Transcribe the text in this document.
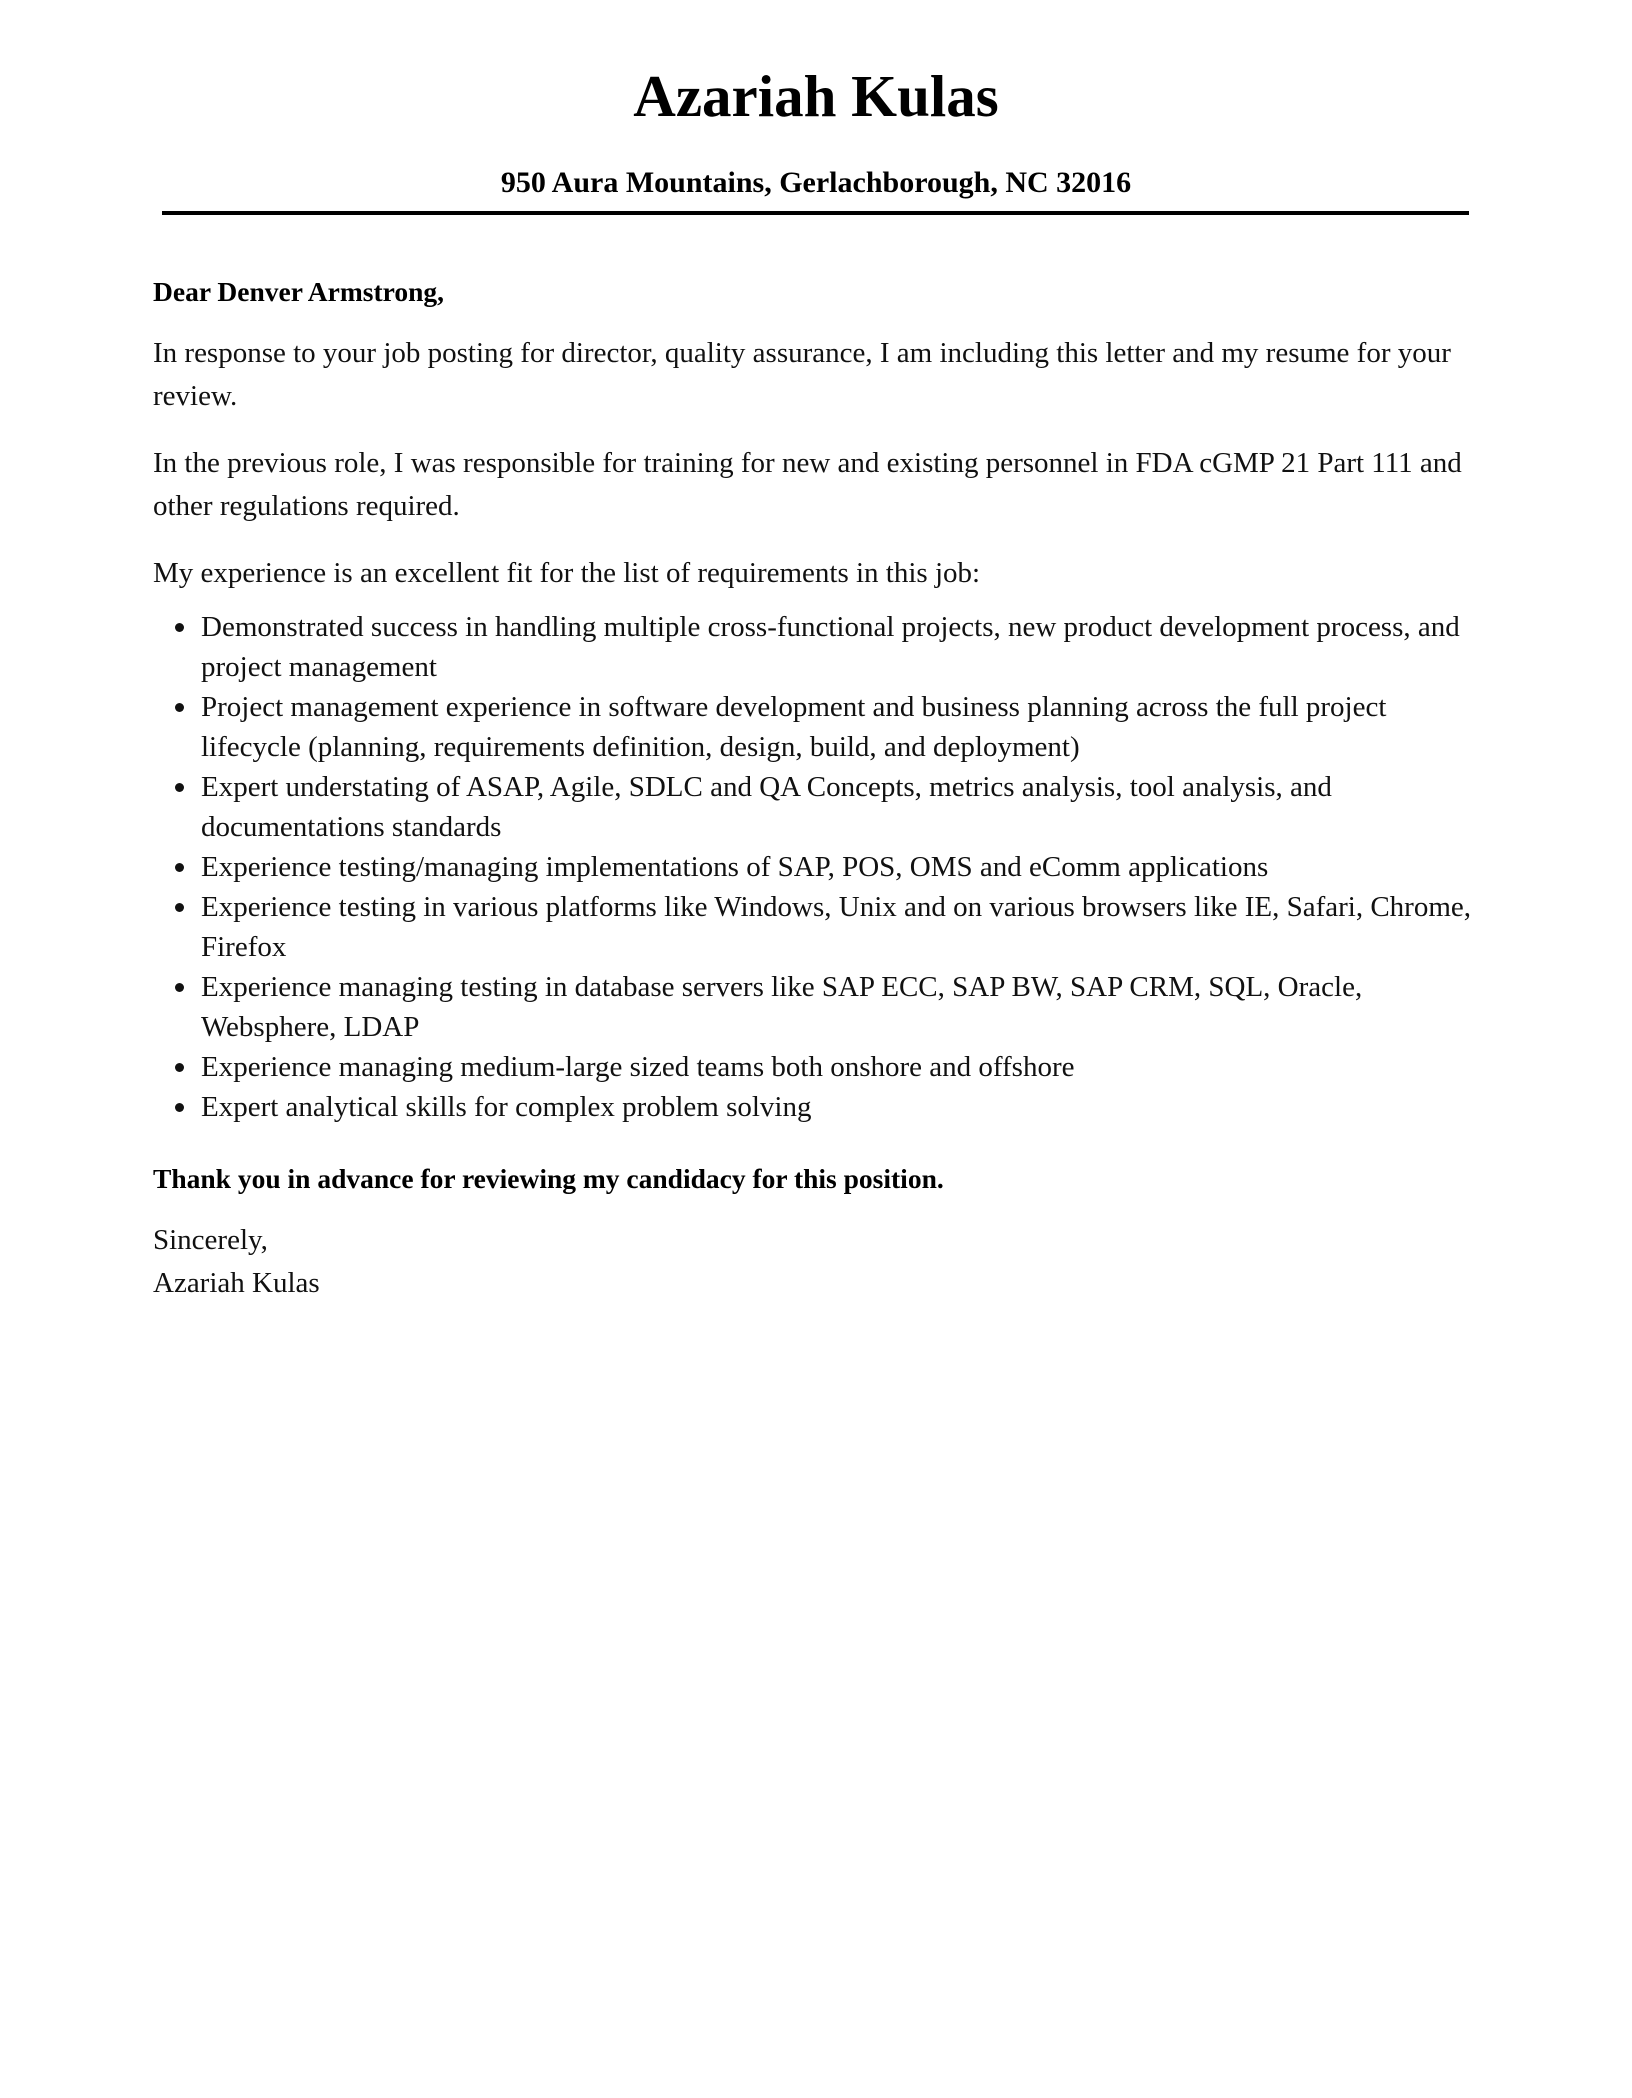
Azariah Kulas
950 Aura Mountains, Gerlachborough, NC 32016

Dear Denver Armstrong,

In response to your job posting for director, quality assurance, I am including this letter and my resume for your review.

In the previous role, I was responsible for training for new and existing personnel in FDA cGMP 21 Part 111 and other regulations required.

My experience is an excellent fit for the list of requirements in this job:

Demonstrated success in handling multiple cross-functional projects, new product development process, and project management
Project management experience in software development and business planning across the full project lifecycle (planning, requirements definition, design, build, and deployment)
Expert understating of ASAP, Agile, SDLC and QA Concepts, metrics analysis, tool analysis, and documentations standards
Experience testing/managing implementations of SAP, POS, OMS and eComm applications
Experience testing in various platforms like Windows, Unix and on various browsers like IE, Safari, Chrome, Firefox
Experience managing testing in database servers like SAP ECC, SAP BW, SAP CRM, SQL, Oracle, Websphere, LDAP
Experience managing medium-large sized teams both onshore and offshore
Expert analytical skills for complex problem solving

Thank you in advance for reviewing my candidacy for this position.

Sincerely,

Azariah Kulas
